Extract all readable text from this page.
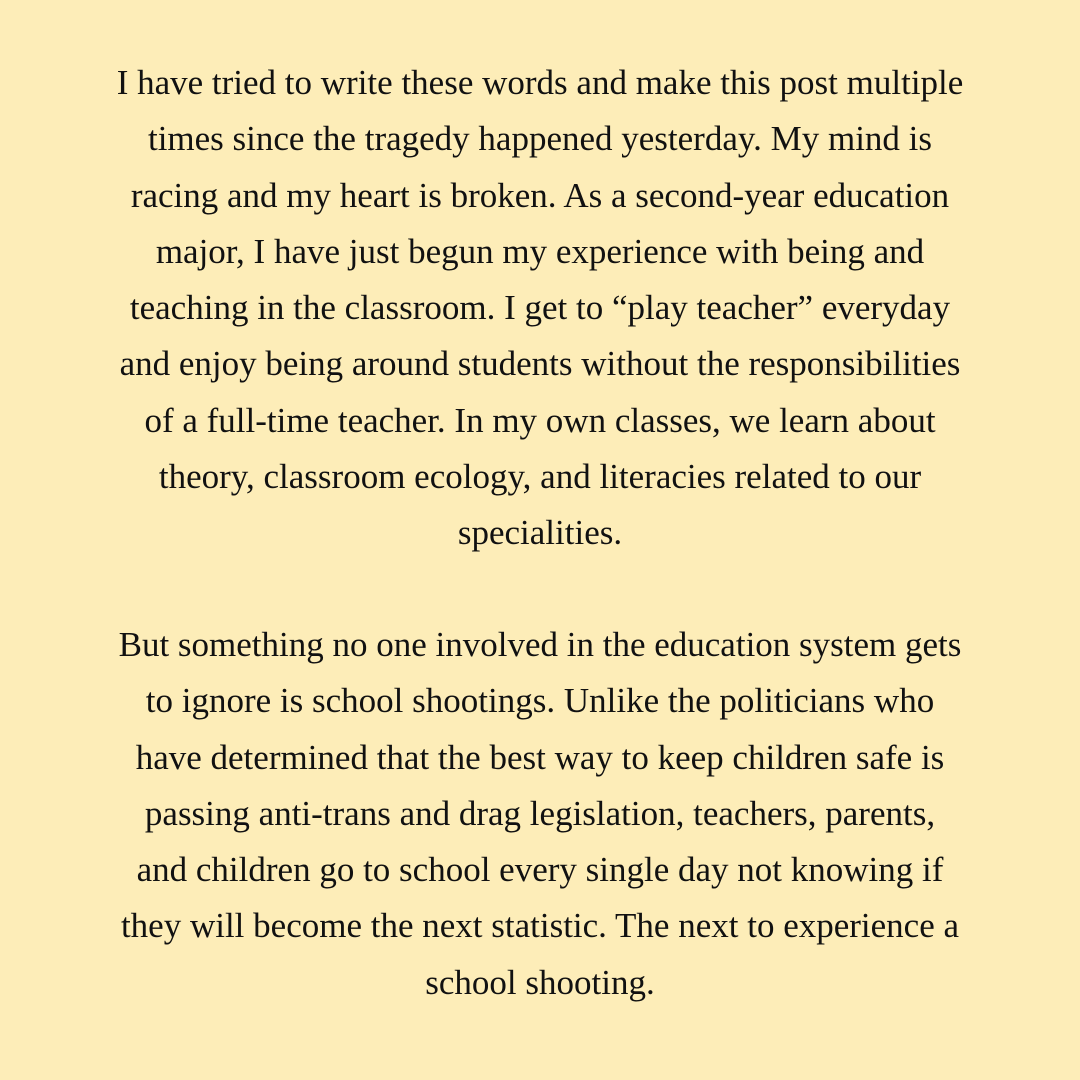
I have tried to write these words and make this post multiple
times since the tragedy happened yesterday. My mind is
racing and my heart is broken. As a second-year education
major, I have just begun my experience with being and
teaching in the classroom. I get to “play teacher” everyday
and enjoy being around students without the responsibilities
of a full-time teacher. In my own classes, we learn about
theory, classroom ecology, and literacies related to our
specialities.

But something no one involved in the education system gets
to ignore is school shootings. Unlike the politicians who
have determined that the best way to keep children safe is
passing anti-trans and drag legislation, teachers, parents,
and children go to school every single day not knowing if
they will become the next statistic. The next to experience a
school shooting.
